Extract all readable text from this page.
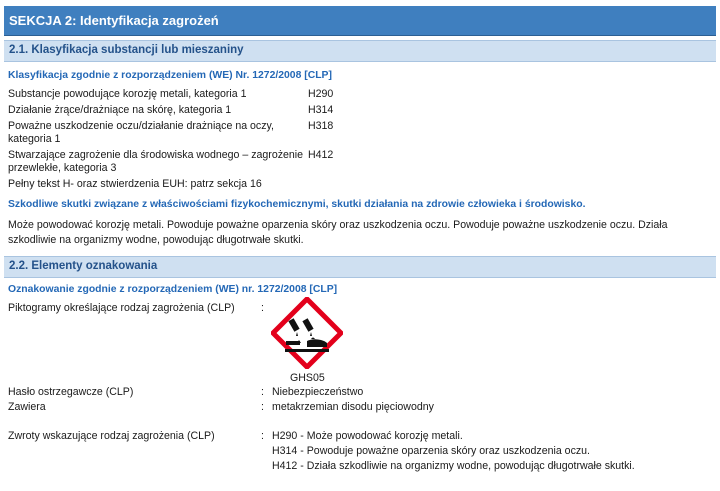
SEKCJA 2: Identyfikacja zagrożeń
2.1. Klasyfikacja substancji lub mieszaniny
Klasyfikacja zgodnie z rozporządzeniem (WE) Nr. 1272/2008 [CLP]
Substancje powodujące korozję metali, kategoria 1	H290
Działanie żrące/drażniące na skórę, kategoria 1	H314
Poważne uszkodzenie oczu/działanie drażniące na oczy,	H318
kategoria 1
Stwarzające zagrożenie dla środowiska wodnego – zagrożenie H412
przewlekłe, kategoria 3
Pełny tekst H- oraz stwierdzenia EUH: patrz sekcja 16
Szkodliwe skutki związane z właściwościami fizykochemicznymi, skutki działania na zdrowie człowieka i środowisko.
Może powodować korozję metali. Powoduje poważne oparzenia skóry oraz uszkodzenia oczu. Powoduje poważne uszkodzenie oczu. Działa
szkodliwie na organizmy wodne, powodując długotrwałe skutki.
2.2. Elementy oznakowania
Oznakowanie zgodnie z rozporządzeniem (WE) nr. 1272/2008 [CLP]
Piktogramy określające rodzaj zagrożenia (CLP) :
GHS05
Hasło ostrzegawcze (CLP)	: Niebezpieczeństwo
Zawiera	: metakrzemian disodu pięciowodny
Zwroty wskazujące rodzaj zagrożenia (CLP)	: H290 - Może powodować korozję metali.
H314 - Powoduje poważne oparzenia skóry oraz uszkodzenia oczu.
H412 - Działa szkodliwie na organizmy wodne, powodując długotrwałe skutki.
